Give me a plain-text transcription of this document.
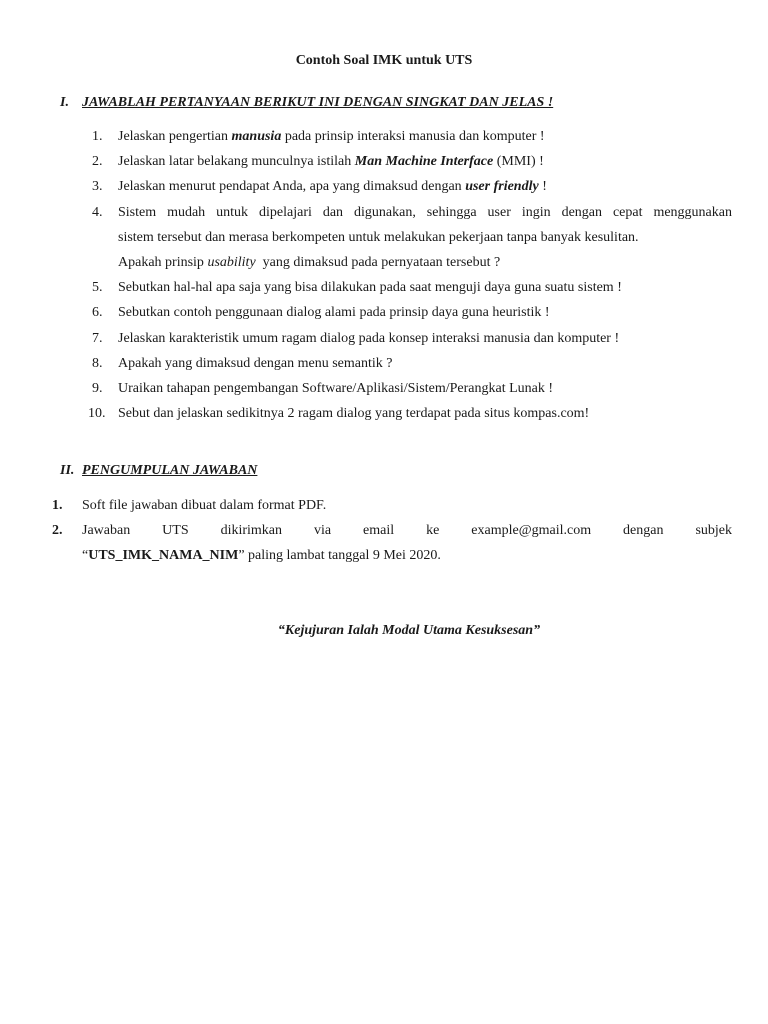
Contoh Soal IMK untuk UTS
I. JAWABLAH PERTANYAAN BERIKUT INI DENGAN SINGKAT DAN JELAS !
1.	Jelaskan pengertian manusia pada prinsip interaksi manusia dan komputer !
2.	Jelaskan latar belakang munculnya istilah Man Machine Interface (MMI) !
3.	Jelaskan menurut pendapat Anda, apa yang dimaksud dengan user friendly !
4.	Sistem mudah untuk dipelajari dan digunakan, sehingga user ingin dengan cepat menggunakan
sistem tersebut dan merasa berkompeten untuk melakukan pekerjaan tanpa banyak kesulitan.
Apakah prinsip usability  yang dimaksud pada pernyataan tersebut ?
5.	Sebutkan hal-hal apa saja yang bisa dilakukan pada saat menguji daya guna suatu sistem !
6.	Sebutkan contoh penggunaan dialog alami pada prinsip daya guna heuristik !
7.	Jelaskan karakteristik umum ragam dialog pada konsep interaksi manusia dan komputer !
8.	Apakah yang dimaksud dengan menu semantik ?
9.	Uraikan tahapan pengembangan Software/Aplikasi/Sistem/Perangkat Lunak !
10. Sebut dan jelaskan sedikitnya 2 ragam dialog yang terdapat pada situs kompas.com!
II. PENGUMPULAN JAWABAN
1. Soft file jawaban dibuat dalam format PDF.
2. Jawaban UTS dikirimkan via email ke example@gmail.com dengan subjek
“UTS_IMK_NAMA_NIM” paling lambat tanggal 9 Mei 2020.
“Kejujuran Ialah Modal Utama Kesuksesan”
